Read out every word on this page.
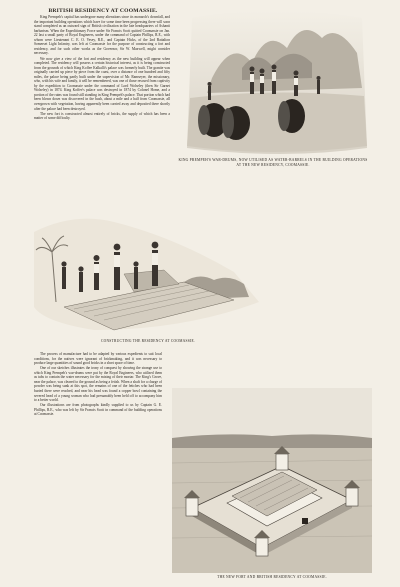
BRITISH RESIDENCY AT COOMASSIE.

King Prempeh's capital has undergone many alterations since its monarch's downfall, and the important building operations which have for some time been progressing there will soon stand completed as an outward sign of British civilisation in the late headquarters of Ashanti barbarism. When the Expeditionary Force under Sir Francis Scott quitted Coomassie on Jan. 22 last a small party of Royal Engineers, under the command of Captain Phillips, R.E., with whom were Lieutenant C. E. O. Vesey, R.E., and Captain Hicks, of the 2nd Battalion Somerset Light Infantry, was left at Coomassie for the purpose of constructing a fort and residency, and for such other works as the Governor, Sir W. Maxwell, might consider necessary.

We now give a view of the fort and residency as the new building will appear when completed. The residency will possess a certain historical interest, as it is being constructed from the grounds of which King Koffee Kalkalli's palace was formerly built. The granite was originally carried up piece by piece from the coast, over a distance of one hundred and fifty miles, the palace being partly built under the supervision of Mr. Ramseyer, the missionary, who, with his wife and family, it will be remembered, was one of those rescued from captivity by the expedition to Coomassie under the command of Lord Wolseley (then Sir Garnet Wolseley) in 1874. King Koffee's palace was destroyed in 1874 by Colonel Home, and a portion of the ruins was found still standing in King Prempeh's palace. That portion which had been blown down was discovered in the bush, about a mile and a half from Coomassie, all overgrown with vegetation, having apparently been carried away and deposited there shortly after the palace had been destroyed.

The new fort is constructed almost entirely of bricks, the supply of which has been a matter of some difficulty.

KING PREMPEH'S WAR-DRUMS, NOW UTILISED AS WATER-BARRELS IN THE BUILDING OPERATIONS AT THE NEW RESIDENCY, COOMASSIE.
CONSTRUCTING THE RESIDENCY AT COOMASSIE.

The process of manufacture had to be adapted by various expedients to suit local conditions, for the natives were ignorant of brickmaking, and it was necessary to produce large quantities of sound good bricks in a short space of time.

One of our sketches illustrates the irony of conquest by showing the strange use to which King Prempeh's war-drums were put by the Royal Engineers, who utilised them as tubs to contain the water necessary for the mixing of their mortar. The King's Grove, near the palace, was cleared to the ground as being a fetish. When a shaft for a charge of powder was being sunk at this spot, the remains of one of the fetiches who had been buried there were reached, and near his head was found a copper bowl containing the severed head of a young woman who had presumably been held off to accompany him to a better world.

Our illustrations are from photographs kindly supplied to us by Captain G. E. Phillips, R.E., who was left by Sir Francis Scott in command of the building operations at Coomassie.

THE NEW FORT AND BRITISH RESIDENCY AT COOMASSIE.
